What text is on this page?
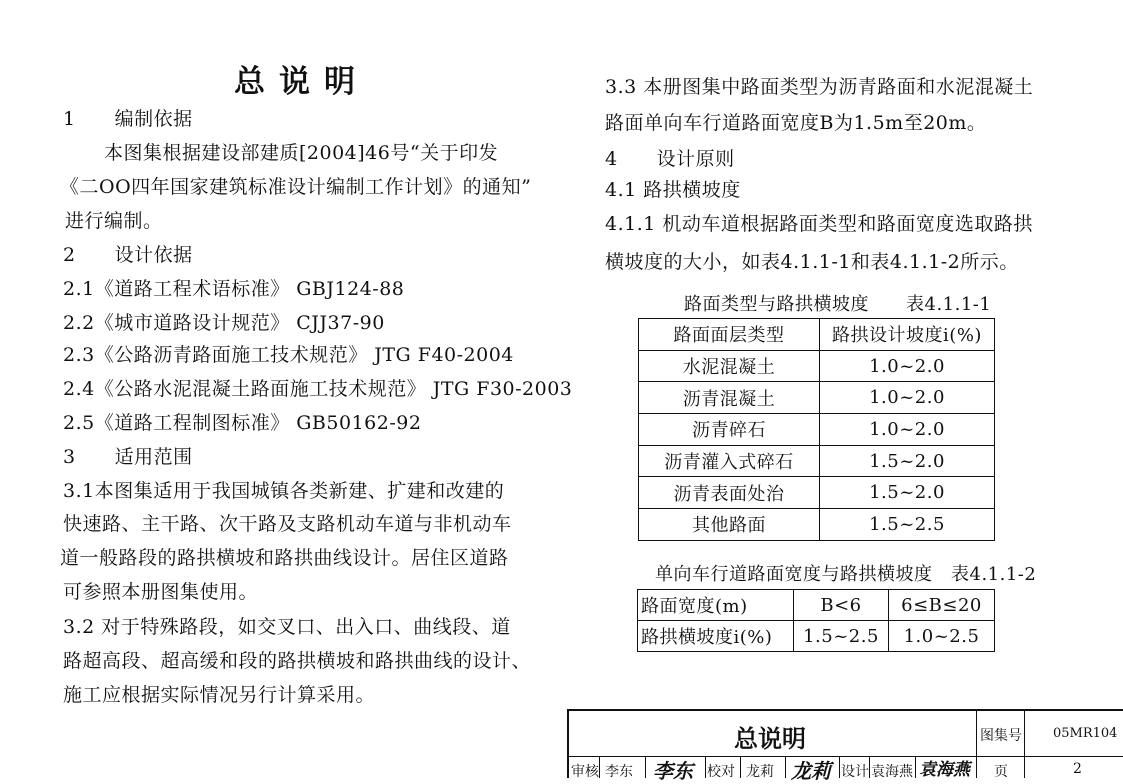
总说明
1　　编制依据
本图集根据建设部建质[2004]46号“关于印发
《二OO四年国家建筑标准设计编制工作计划》的通知”
进行编制。
2　　设计依据
2.1《道路工程术语标准》 GBJ124-88
2.2《城市道路设计规范》 CJJ37-90
2.3《公路沥青路面施工技术规范》 JTG F40-2004
2.4《公路水泥混凝土路面施工技术规范》 JTG F30-2003
2.5《道路工程制图标准》 GB50162-92
3　　适用范围
3.1本图集适用于我国城镇各类新建、扩建和改建的
快速路、主干路、次干路及支路机动车道与非机动车
道一般路段的路拱横坡和路拱曲线设计。居住区道路
可参照本册图集使用。
3.2 对于特殊路段，如交叉口、出入口、曲线段、道
路超高段、超高缓和段的路拱横坡和路拱曲线的设计、
施工应根据实际情况另行计算采用。
3.3 本册图集中路面类型为沥青路面和水泥混凝土
路面单向车行道路面宽度B为1.5m至20m。
4　　设计原则
4.1 路拱横坡度
4.1.1 机动车道根据路面类型和路面宽度选取路拱
横坡度的大小，如表4.1.1-1和表4.1.1-2所示。
路面类型与路拱横坡度　　表4.1.1-1
路面面层类型	路拱设计坡度i(%)
水泥混凝土	1.0~2.0
沥青混凝土	1.0~2.0
沥青碎石	1.0~2.0
沥青灌入式碎石	1.5~2.0
沥青表面处治	1.5~2.0
其他路面	1.5~2.5
单向车行道路面宽度与路拱横坡度　表4.1.1-2
路面宽度(m)	B<6	6≤B≤20
路拱横坡度i(%)	1.5~2.5	1.0~2.5
总说明	图集号 05MR104
审核 李东 李东 校对 龙莉 龙莉 设计 袁海燕 袁海燕 页	2
